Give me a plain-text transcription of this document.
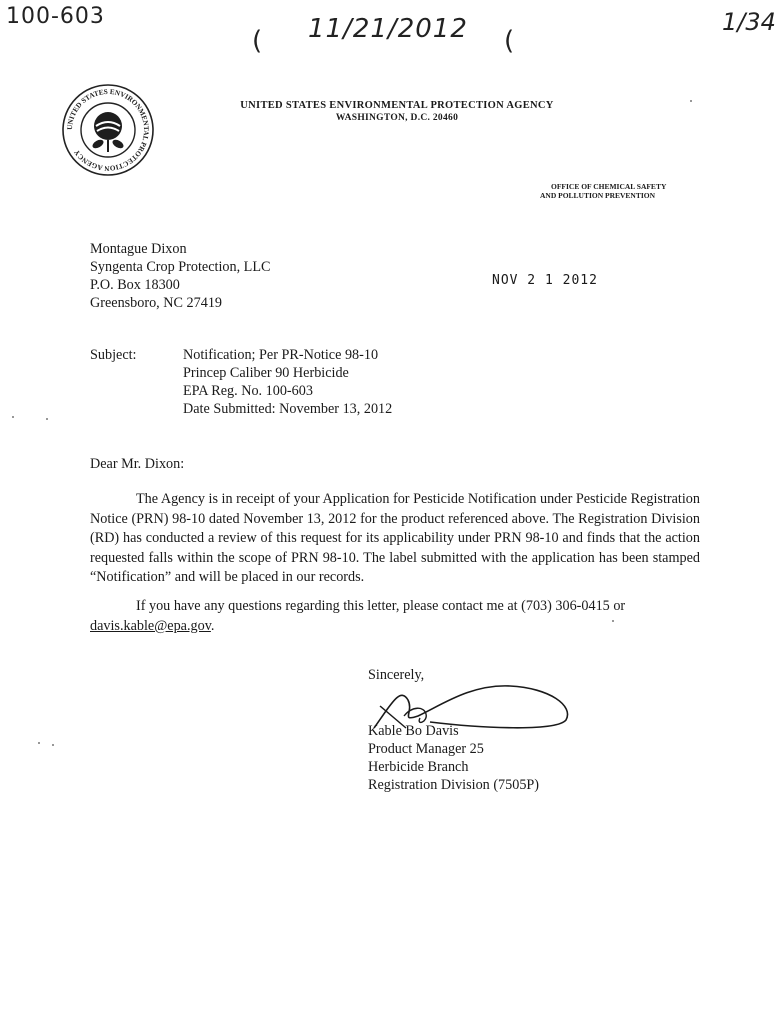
100-603	11/21/2012
(	(
1/34
UNITED STATES ENVIRONMENTAL PROTECTION AGENCY
UNITED STATES ENVIRONMENTAL PROTECTION AGENCY
WASHINGTON, D.C. 20460
OFFICE OF CHEMICAL SAFETY
AND POLLUTION PREVENTION
Montague Dixon
Syngenta Crop Protection, LLC
P.O. Box 18300
Greensboro, NC 27419
NOV 2 1 2012
Subject:	Notification; Per PR-Notice 98-10
Princep Caliber 90 Herbicide
EPA Reg. No. 100-603
Date Submitted: November 13, 2012
Dear Mr. Dixon:
The Agency is in receipt of your Application for Pesticide Notification under Pesticide Registration Notice (PRN) 98-10 dated November 13, 2012 for the product referenced above. The Registration Division (RD) has conducted a review of this request for its applicability under PRN 98-10 and finds that the action requested falls within the scope of PRN 98-10. The label submitted with the application has been stamped “Notification” and will be placed in our records.
If you have any questions regarding this letter, please contact me at (703) 306-0415 or davis.kable@epa.gov.
Sincerely,
Kable Bo Davis
Product Manager 25
Herbicide Branch
Registration Division (7505P)
